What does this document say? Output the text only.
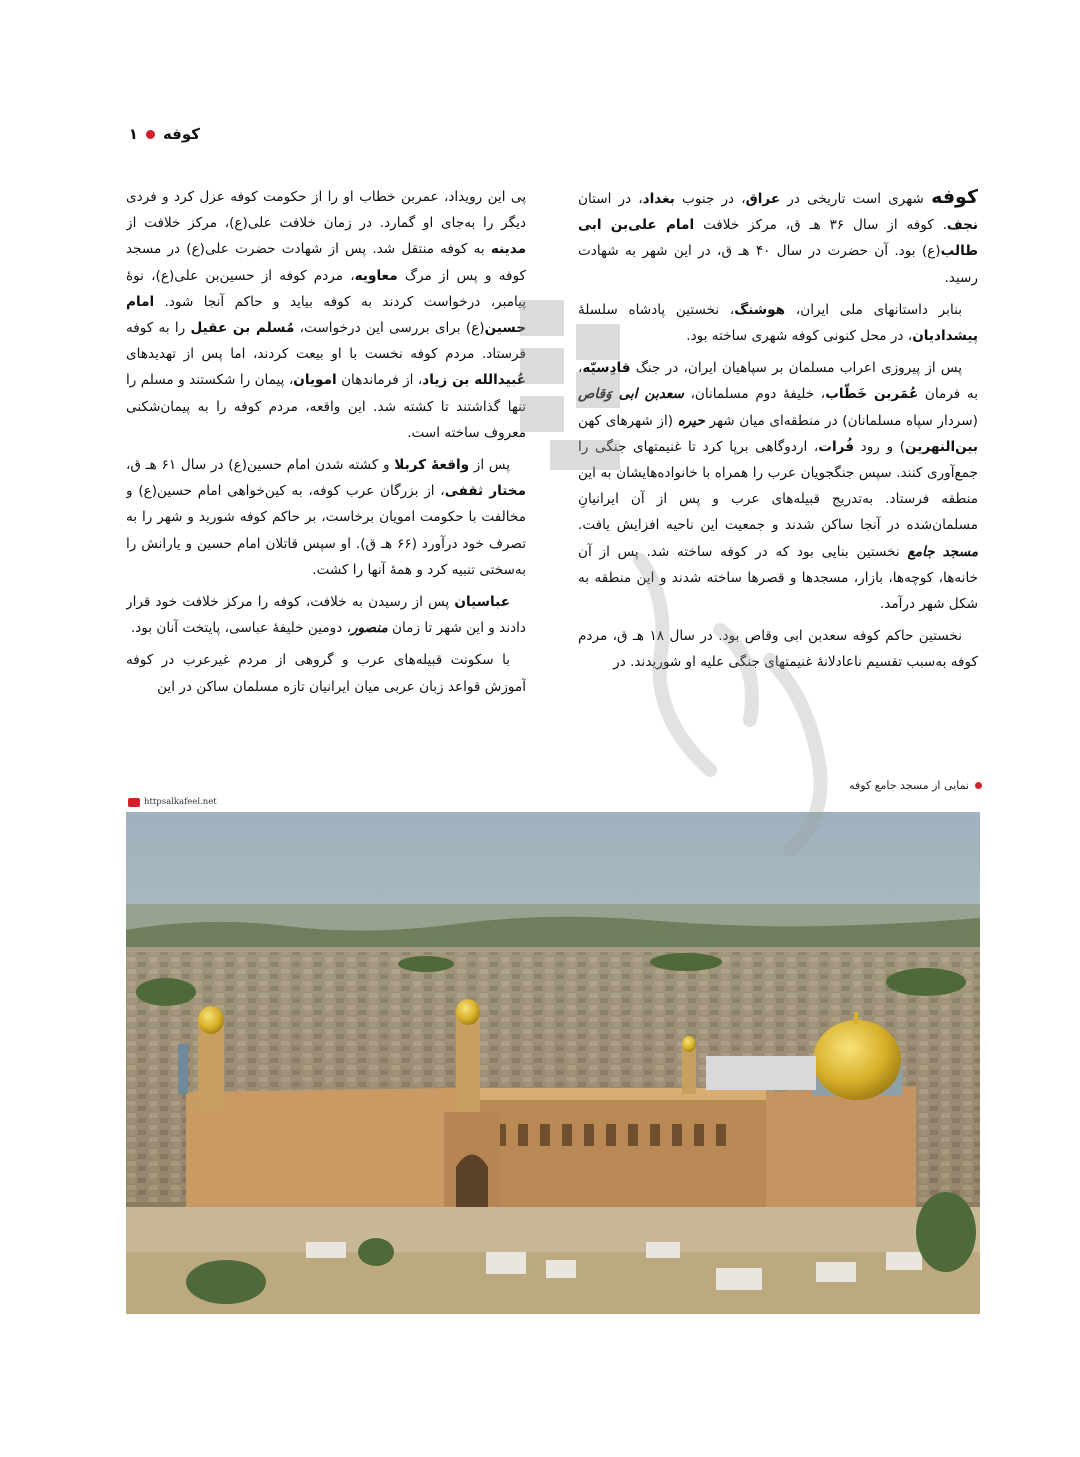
کوفه
۱

کوفه شهری است تاریخی در عراق، در جنوب بغداد، در استان نجف. کوفه از سال ۳۶ هـ ق، مرکز خلافت امام علی‌بن ابی طالب(ع) بود. آن حضرت در سال ۴۰ هـ ق، در این شهر به شهادت رسید.

بنابر داستانهای ملی ایران، هوشنگ، نخستین پادشاه سلسلهٔ پیشدادیان، در محل کنونی کوفه شهری ساخته بود.

پس از پیروزی اعراب مسلمان بر سپاهیان ایران، در جنگ قادِسیّه، به فرمان عُمَربن خَطّاب، خلیفهٔ دوم مسلمانان، سعدبن ابی وَقاص (سردار سپاه مسلمانان) در منطقه‌ای میان شهر حیره (از شهرهای کهن بین‌النهرین) و رود فُرات، اردوگاهی برپا کرد تا غنیمتهای جنگی را جمع‌آوری کنند. سپس جنگجویان عرب را همراه با خانواده‌هایشان به این منطقه فرستاد. به‌تدریج قبیله‌های عرب و پس از آن ایرانیانِ مسلمان‌شده در آنجا ساکن شدند و جمعیت این ناحیه افزایش یافت. مسجد جامع نخستین بنایی بود که در کوفه ساخته شد. پس از آن خانه‌ها، کوچه‌ها، بازار، مسجدها و قصرها ساخته شدند و این منطقه به شکل شهر درآمد.

نخستین حاکم کوفه سعدبن ابی وقاص بود. در سال ۱۸ هـ ق، مردم کوفه به‌سبب تقسیم ناعادلانهٔ غنیمتهای جنگی علیه او شوریدند. در

پی این رویداد، عمربن خطاب او را از حکومت کوفه عزل کرد و فردی دیگر را به‌جای او گمارد. در زمان خلافت علی(ع)، مرکز خلافت از مدینه به کوفه منتقل شد. پس از شهادت حضرت علی(ع) در مسجد کوفه و پس از مرگ معاویه، مردم کوفه از حسین‌بن علی(ع)، نوهٔ پیامبر، درخواست کردند به کوفه بیاید و حاکم آنجا شود. امام حسین(ع) برای بررسی این درخواست، مُسلم بن عقیل را به کوفه فرستاد. مردم کوفه نخست با او بیعت کردند، اما پس از تهدیدهای عُبیدالله بن زیاد، از فرماندهان امویان، پیمان را شکستند و مسلم را تنها گذاشتند تا کشته شد. این واقعه، مردم کوفه را به پیمان‌شکنی معروف ساخته است.

پس از واقعهٔ کربلا و کشته شدن امام حسین(ع) در سال ۶۱ هـ ق، مختار ثقفی، از بزرگان عرب کوفه، به کین‌خواهی امام حسین(ع) و مخالفت با حکومت امویان برخاست، بر حاکم کوفه شورید و شهر را به تصرف خود درآورد (۶۶ هـ ق). او سپس قاتلان امام حسین و یارانش را به‌سختی تنبیه کرد و همهٔ آنها را کشت.

عباسیان پس از رسیدن به خلافت، کوفه را مرکز خلافت خود قرار دادند و این شهر تا زمان منصور، دومین خلیفهٔ عباسی، پایتخت آنان بود.

با سکونت قبیله‌های عرب و گروهی از مردم غیرعرب در کوفه آموزش قواعد زبان عربی میان ایرانیان تازه مسلمان ساکن در این

نمایی از مسجد جامع کوفه
httpsalkafeel.net
